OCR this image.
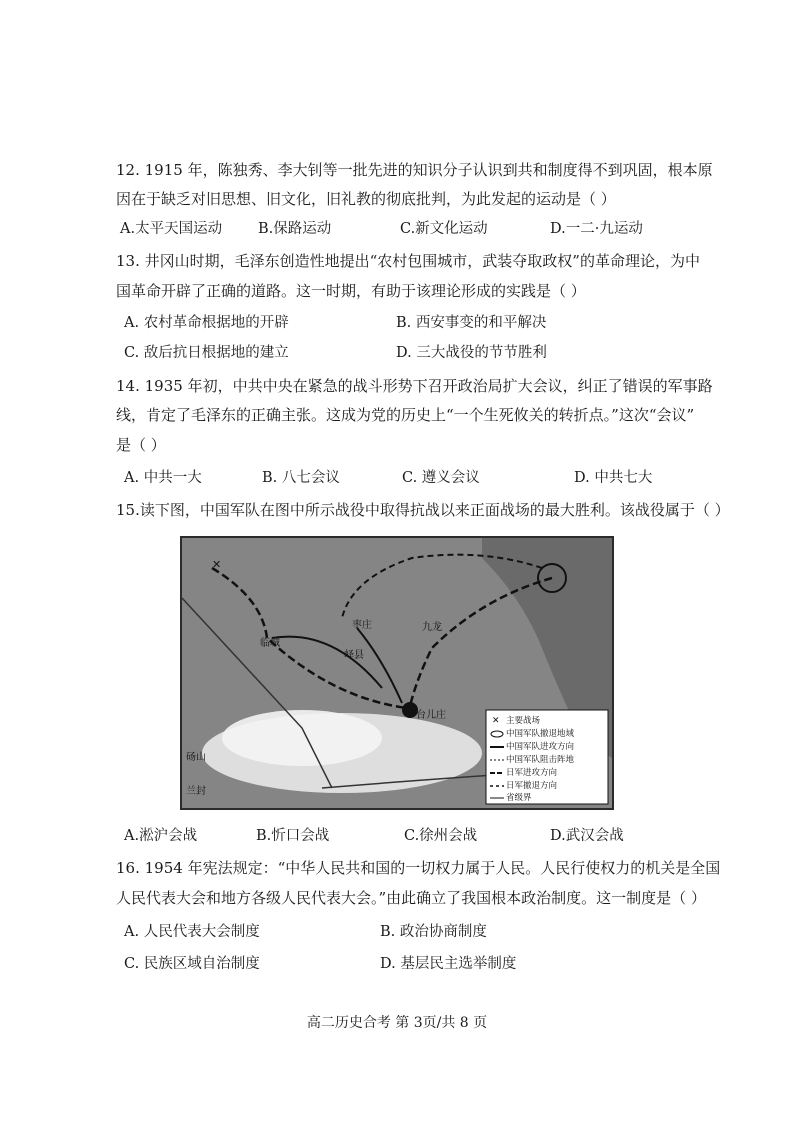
12. 1915 年，陈独秀、李大钊等一批先进的知识分子认识到共和制度得不到巩固，根本原
因在于缺乏对旧思想、旧文化，旧礼教的彻底批判，为此发起的运动是（ ）
A.太平天国运动 B.保路运动	C.新文化运动	D.一二·九运动
13. 井冈山时期，毛泽东创造性地提出“农村包围城市，武装夺取政权”的革命理论，为中
国革命开辟了正确的道路。这一时期，有助于该理论形成的实践是（ ）
A. 农村革命根据地的开辟	B. 西安事变的和平解决
C. 敌后抗日根据地的建立	D. 三大战役的节节胜利
14. 1935 年初，中共中央在紧急的战斗形势下召开政治局扩大会议，纠正了错误的军事路
线，肯定了毛泽东的正确主张。这成为党的历史上“一个生死攸关的转折点。”这次“会议”
是（ ）
A. 中共一大	B. 八七会议	C. 遵义会议	D. 中共七大
15.读下图，中国军队在图中所示战役中取得抗战以来正面战场的最大胜利。该战役属于（ ）
✕
临城
枣庄
峄县
九龙
台儿庄
砀山
兰封
✕ 主要战场
中国军队撤退地域
中国军队进攻方向
中国军队阻击阵地
日军进攻方向
日军撤退方向
省级界
A.淞沪会战	B.忻口会战	C.徐州会战	D.武汉会战
16. 1954 年宪法规定：“中华人民共和国的一切权力属于人民。人民行使权力的机关是全国
人民代表大会和地方各级人民代表大会。”由此确立了我国根本政治制度。这一制度是（ ）
A. 人民代表大会制度	B. 政治协商制度
C. 民族区域自治制度	D. 基层民主选举制度
高二历史合考 第 3页/共 8 页
